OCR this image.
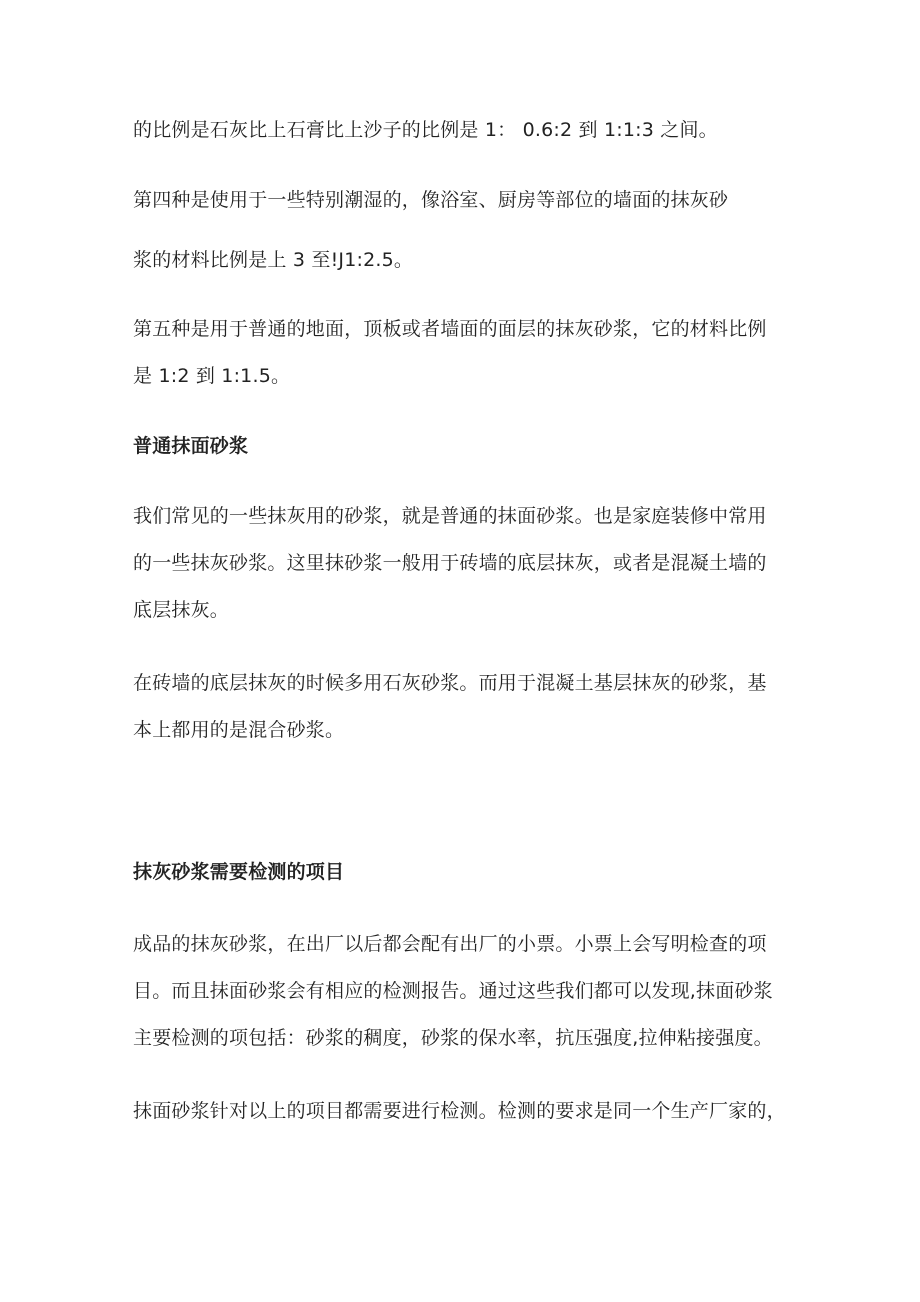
的比例是石灰比上石膏比上沙子的比例是 1： 0.6:2 到 1:1:3 之间。
第四种是使用于一些特别潮湿的，像浴室、厨房等部位的墙面的抹灰砂
浆的材料比例是上 3 至!J1:2.5。
第五种是用于普通的地面，顶板或者墙面的面层的抹灰砂浆，它的材料比例
是 1:2 到 1:1.5。
普通抹面砂浆
我们常见的一些抹灰用的砂浆，就是普通的抹面砂浆。也是家庭装修中常用
的一些抹灰砂浆。这里抹砂浆一般用于砖墙的底层抹灰，或者是混凝土墙的
底层抹灰。
在砖墙的底层抹灰的时候多用石灰砂浆。而用于混凝土基层抹灰的砂浆，基
本上都用的是混合砂浆。
抹灰砂浆需要检测的项目
成品的抹灰砂浆，在出厂以后都会配有出厂的小票。小票上会写明检查的项
目。而且抹面砂浆会有相应的检测报告。通过这些我们都可以发现,抹面砂浆
主要检测的项包括：砂浆的稠度，砂浆的保水率，抗压强度,拉伸粘接强度。
抹面砂浆针对以上的项目都需要进行检测。检测的要求是同一个生产厂家的，
